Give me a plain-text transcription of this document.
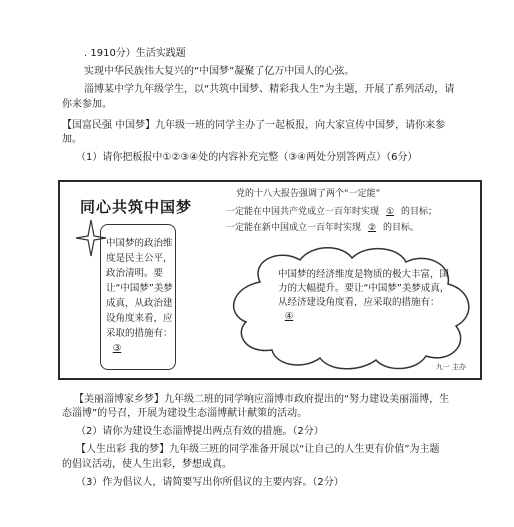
. 1910分）生活实践题
实现中华民族伟大复兴的“中国梦”凝聚了亿万中国人的心弦。
淄博某中学九年级学生，以“共筑中国梦、精彩我人生”为主题，开展了系列活动，请
你来参加。
【国富民强 中国梦】九年级一班的同学主办了一起板报，向大家宣传中国梦，请你来参
加。
（1）请你把板报中①②③④处的内容补充完整（③④两处分别答两点）（6分）
同心共筑中国梦
党的十八大报告强调了两个“一定能”
一定能在中国共产党成立一百年时实现 ① 的目标；
一定能在新中国成立一百年时实现 ② 的目标。
中国梦的政治维度是民主公平，政治清明。要让“中国梦”美梦成真，从政治建设角度来看，应采取的措施有：③
中国梦的经济维度是物质的极大丰富，国力的大幅提升。要让“中国梦”美梦成真，从经济建设角度看，应采取的措施有：④
九一 主办
【美丽淄博家乡梦】九年级二班的同学响应淄博市政府提出的“努力建设美丽淄博，生
态淄博”的号召，开展为建设生态淄博献计献策的活动。
（2）请你为建设生态淄博提出两点有效的措施。（2分）
【人生出彩 我的梦】九年级三班的同学准备开展以“让自己的人生更有价值”为主题
的倡议活动，使人生出彩，梦想成真。
（3）作为倡议人，请简要写出你所倡议的主要内容。（2分）
